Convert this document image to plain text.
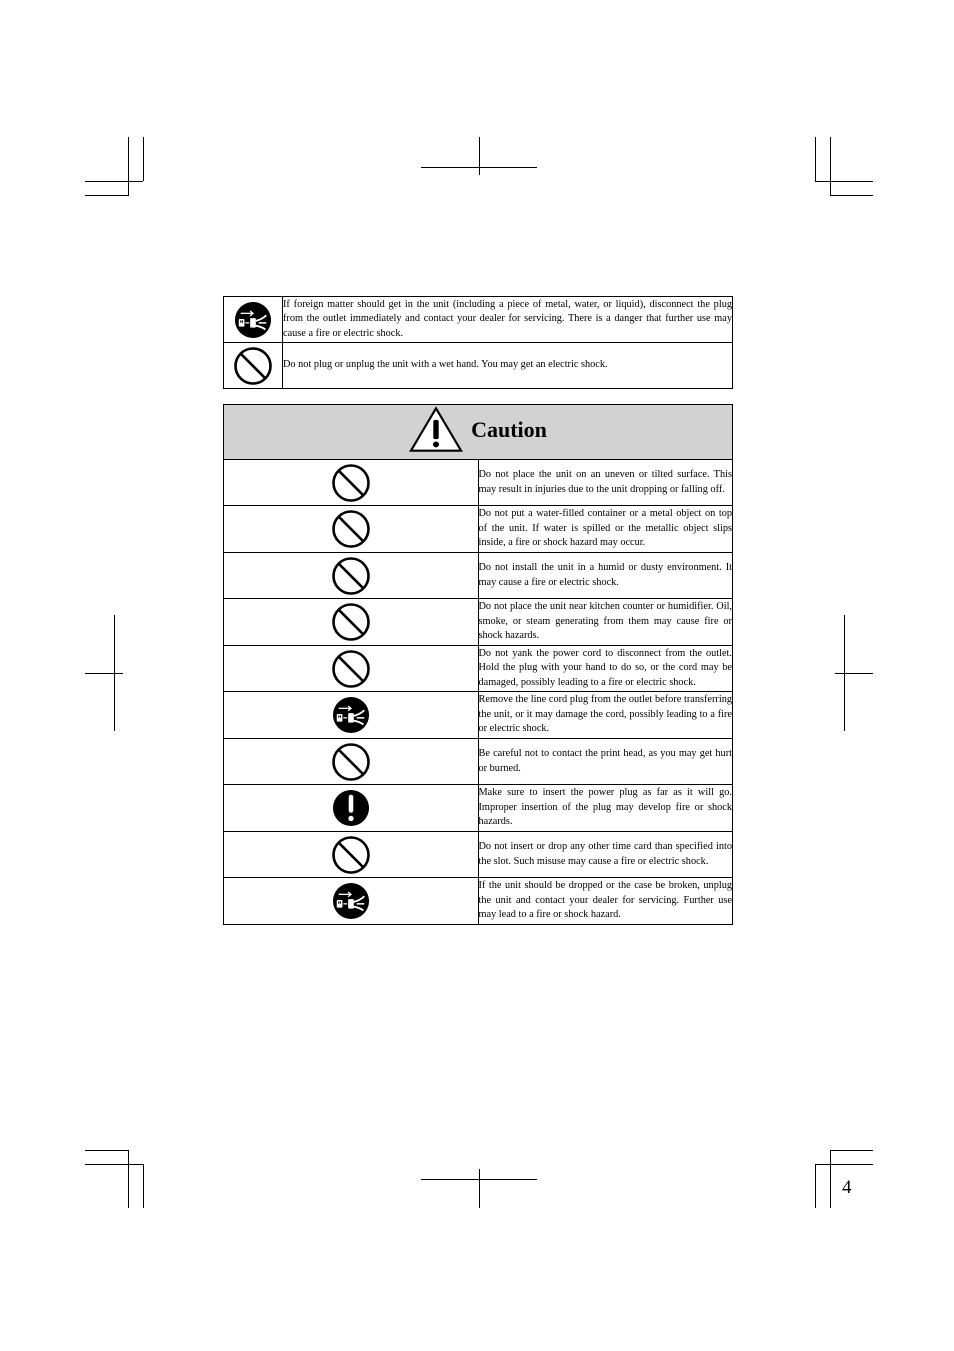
	If foreign matter should get in the unit (including a piece of metal, water, or liquid), disconnect the plug from the outlet immediately and contact your dealer for servicing. There is a danger that further use may cause a fire or electric shock.

	Do not plug or unplug the unit with a wet hand. You may get an electric shock.
Caution	

	Do not place the unit on an uneven or tilted surface. This may result in injuries due to the unit dropping or falling off.

	Do not put a water-filled container or a metal object on top of the unit. If water is spilled or the metallic object slips inside, a fire or shock hazard may occur.

	Do not install the unit in a humid or dusty environment. It may cause a fire or electric shock.

	Do not place the unit near kitchen counter or humidifier. Oil, smoke, or steam generating from them may cause fire or shock hazards.

	Do not yank the power cord to disconnect from the outlet. Hold the plug with your hand to do so, or the cord may be damaged, possibly leading to a fire or electric shock.

	Remove the line cord plug from the outlet before transferring the unit, or it may damage the cord, possibly leading to a fire or electric shock.

	Be careful not to contact the print head, as you may get hurt or burned.

	Make sure to insert the power plug as far as it will go. Improper insertion of the plug may develop fire or shock hazards.

	Do not insert or drop any other time card than specified into the slot. Such misuse may cause a fire or electric shock.

	If the unit should be dropped or the case be broken, unplug the unit and contact your dealer for servicing. Further use may lead to a fire or shock hazard.
4
